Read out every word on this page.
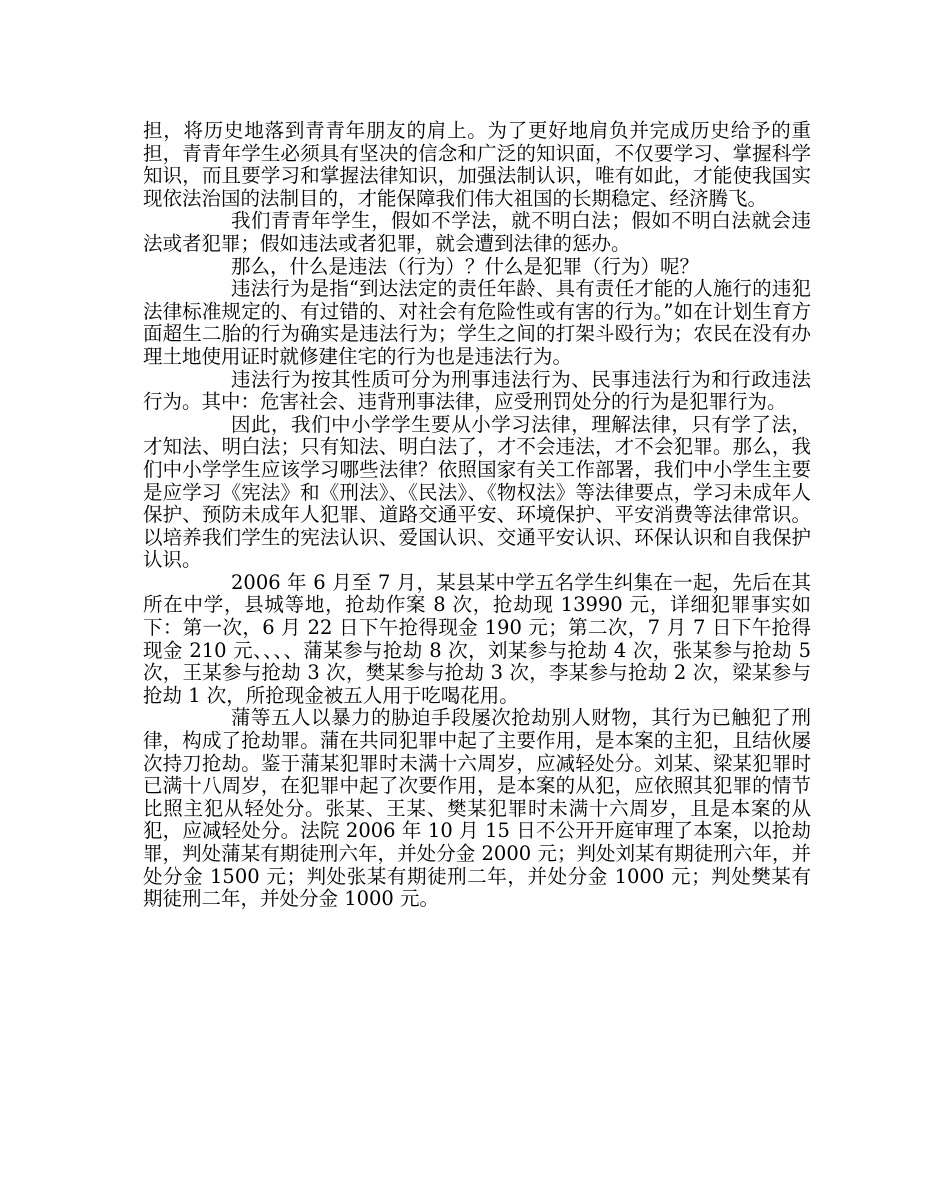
担，将历史地落到青青年朋友的肩上。为了更好地肩负并完成历史给予的重担，青青年学生必须具有坚决的信念和广泛的知识面，不仅要学习、掌握科学知识，而且要学习和掌握法律知识，加强法制认识，唯有如此，才能使我国实现依法治国的法制目的，才能保障我们伟大祖国的长期稳定、经济腾飞。

我们青青年学生，假如不学法，就不明白法；假如不明白法就会违法或者犯罪；假如违法或者犯罪，就会遭到法律的惩办。

那么，什么是违法（行为）？什么是犯罪（行为）呢？

违法行为是指“到达法定的责任年龄、具有责任才能的人施行的违犯法律标准规定的、有过错的、对社会有危险性或有害的行为。”如在计划生育方面超生二胎的行为确实是违法行为；学生之间的打架斗殴行为；农民在没有办理土地使用证时就修建住宅的行为也是违法行为。

违法行为按其性质可分为刑事违法行为、民事违法行为和行政违法行为。其中：危害社会、违背刑事法律，应受刑罚处分的行为是犯罪行为。

因此，我们中小学学生要从小学习法律，理解法律，只有学了法，才知法、明白法；只有知法、明白法了，才不会违法，才不会犯罪。那么，我们中小学学生应该学习哪些法律？依照国家有关工作部署，我们中小学生主要是应学习《宪法》和《刑法》、《民法》、《物权法》等法律要点，学习未成年人保护、预防未成年人犯罪、道路交通平安、环境保护、平安消费等法律常识。以培养我们学生的宪法认识、爱国认识、交通平安认识、环保认识和自我保护认识。

2006 年 6 月至 7 月，某县某中学五名学生纠集在一起，先后在其所在中学，县城等地，抢劫作案 8 次，抢劫现 13990 元，详细犯罪事实如下：第一次，6 月 22 日下午抢得现金 190 元；第二次，7 月 7 日下午抢得现金 210 元、、、、蒲某参与抢劫 8 次，刘某参与抢劫 4 次，张某参与抢劫 5 次，王某参与抢劫 3 次，樊某参与抢劫 3 次，李某参与抢劫 2 次，梁某参与抢劫 1 次，所抢现金被五人用于吃喝花用。

蒲等五人以暴力的胁迫手段屡次抢劫别人财物，其行为已触犯了刑律，构成了抢劫罪。蒲在共同犯罪中起了主要作用，是本案的主犯，且结伙屡次持刀抢劫。鉴于蒲某犯罪时未满十六周岁，应减轻处分。刘某、梁某犯罪时已满十八周岁，在犯罪中起了次要作用，是本案的从犯，应依照其犯罪的情节比照主犯从轻处分。张某、王某、樊某犯罪时未满十六周岁，且是本案的从犯，应减轻处分。法院 2006 年 10 月 15 日不公开开庭审理了本案，以抢劫罪，判处蒲某有期徒刑六年，并处分金 2000 元；判处刘某有期徒刑六年，并处分金 1500 元；判处张某有期徒刑二年，并处分金 1000 元；判处樊某有期徒刑二年，并处分金 1000 元。
